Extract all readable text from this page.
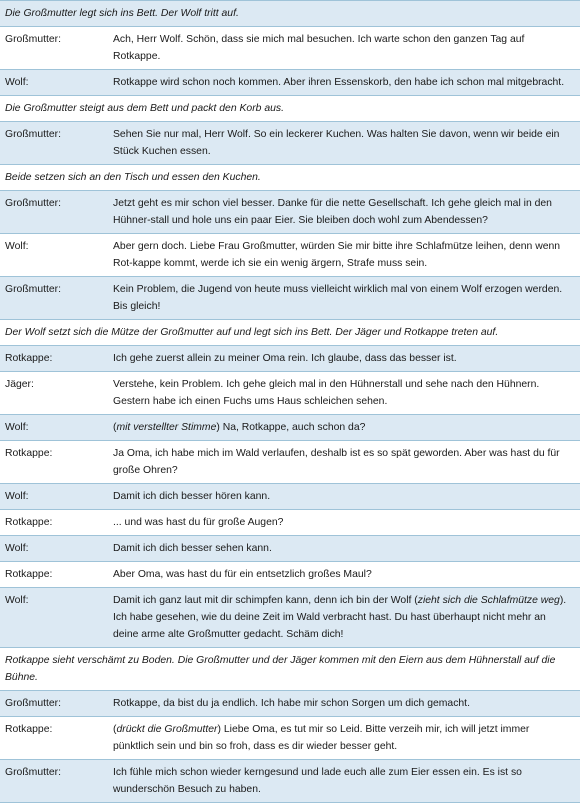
Die Großmutter legt sich ins Bett. Der Wolf tritt auf.
Großmutter:	Ach, Herr Wolf. Schön, dass sie mich mal besuchen. Ich warte schon den ganzen Tag auf Rotkappe.
Wolf:	Rotkappe wird schon noch kommen. Aber ihren Essenskorb, den habe ich schon mal mitgebracht.
Die Großmutter steigt aus dem Bett und packt den Korb aus.
Großmutter:	Sehen Sie nur mal, Herr Wolf. So ein leckerer Kuchen. Was halten Sie davon, wenn wir beide ein Stück Kuchen essen.
Beide setzen sich an den Tisch und essen den Kuchen.
Großmutter:	Jetzt geht es mir schon viel besser. Danke für die nette Gesellschaft. Ich gehe gleich mal in den Hühner-stall und hole uns ein paar Eier. Sie bleiben doch wohl zum Abendessen?
Wolf:	Aber gern doch. Liebe Frau Großmutter, würden Sie mir bitte ihre Schlafmütze leihen, denn wenn Rot-kappe kommt, werde ich sie ein wenig ärgern, Strafe muss sein.
Großmutter:	Kein Problem, die Jugend von heute muss vielleicht wirklich mal von einem Wolf erzogen werden. Bis gleich!
Der Wolf setzt sich die Mütze der Großmutter auf und legt sich ins Bett. Der Jäger und Rotkappe treten auf.
Rotkappe:	Ich gehe zuerst allein zu meiner Oma rein. Ich glaube, dass das besser ist.
Jäger:	Verstehe, kein Problem. Ich gehe gleich mal in den Hühnerstall und sehe nach den Hühnern. Gestern habe ich einen Fuchs ums Haus schleichen sehen.
Wolf:	(mit verstellter Stimme) Na, Rotkappe, auch schon da?
Rotkappe:	Ja Oma, ich habe mich im Wald verlaufen, deshalb ist es so spät geworden. Aber was hast du für große Ohren?
Wolf:	Damit ich dich besser hören kann.
Rotkappe:	... und was hast du für große Augen?
Wolf:	Damit ich dich besser sehen kann.
Rotkappe:	Aber Oma, was hast du für ein entsetzlich großes Maul?
Wolf:	Damit ich ganz laut mit dir schimpfen kann, denn ich bin der Wolf (zieht sich die Schlafmütze weg). Ich habe gesehen, wie du deine Zeit im Wald verbracht hast. Du hast überhaupt nicht mehr an deine arme alte Großmutter gedacht. Schäm dich!
Rotkappe sieht verschämt zu Boden. Die Großmutter und der Jäger kommen mit den Eiern aus dem Hühnerstall auf die Bühne.
Großmutter:	Rotkappe, da bist du ja endlich. Ich habe mir schon Sorgen um dich gemacht.
Rotkappe:	(drückt die Großmutter) Liebe Oma, es tut mir so Leid. Bitte verzeih mir, ich will jetzt immer pünktlich sein und bin so froh, dass es dir wieder besser geht.
Großmutter:	Ich fühle mich schon wieder kerngesund und lade euch alle zum Eier essen ein. Es ist so wunderschön Besuch zu haben.
